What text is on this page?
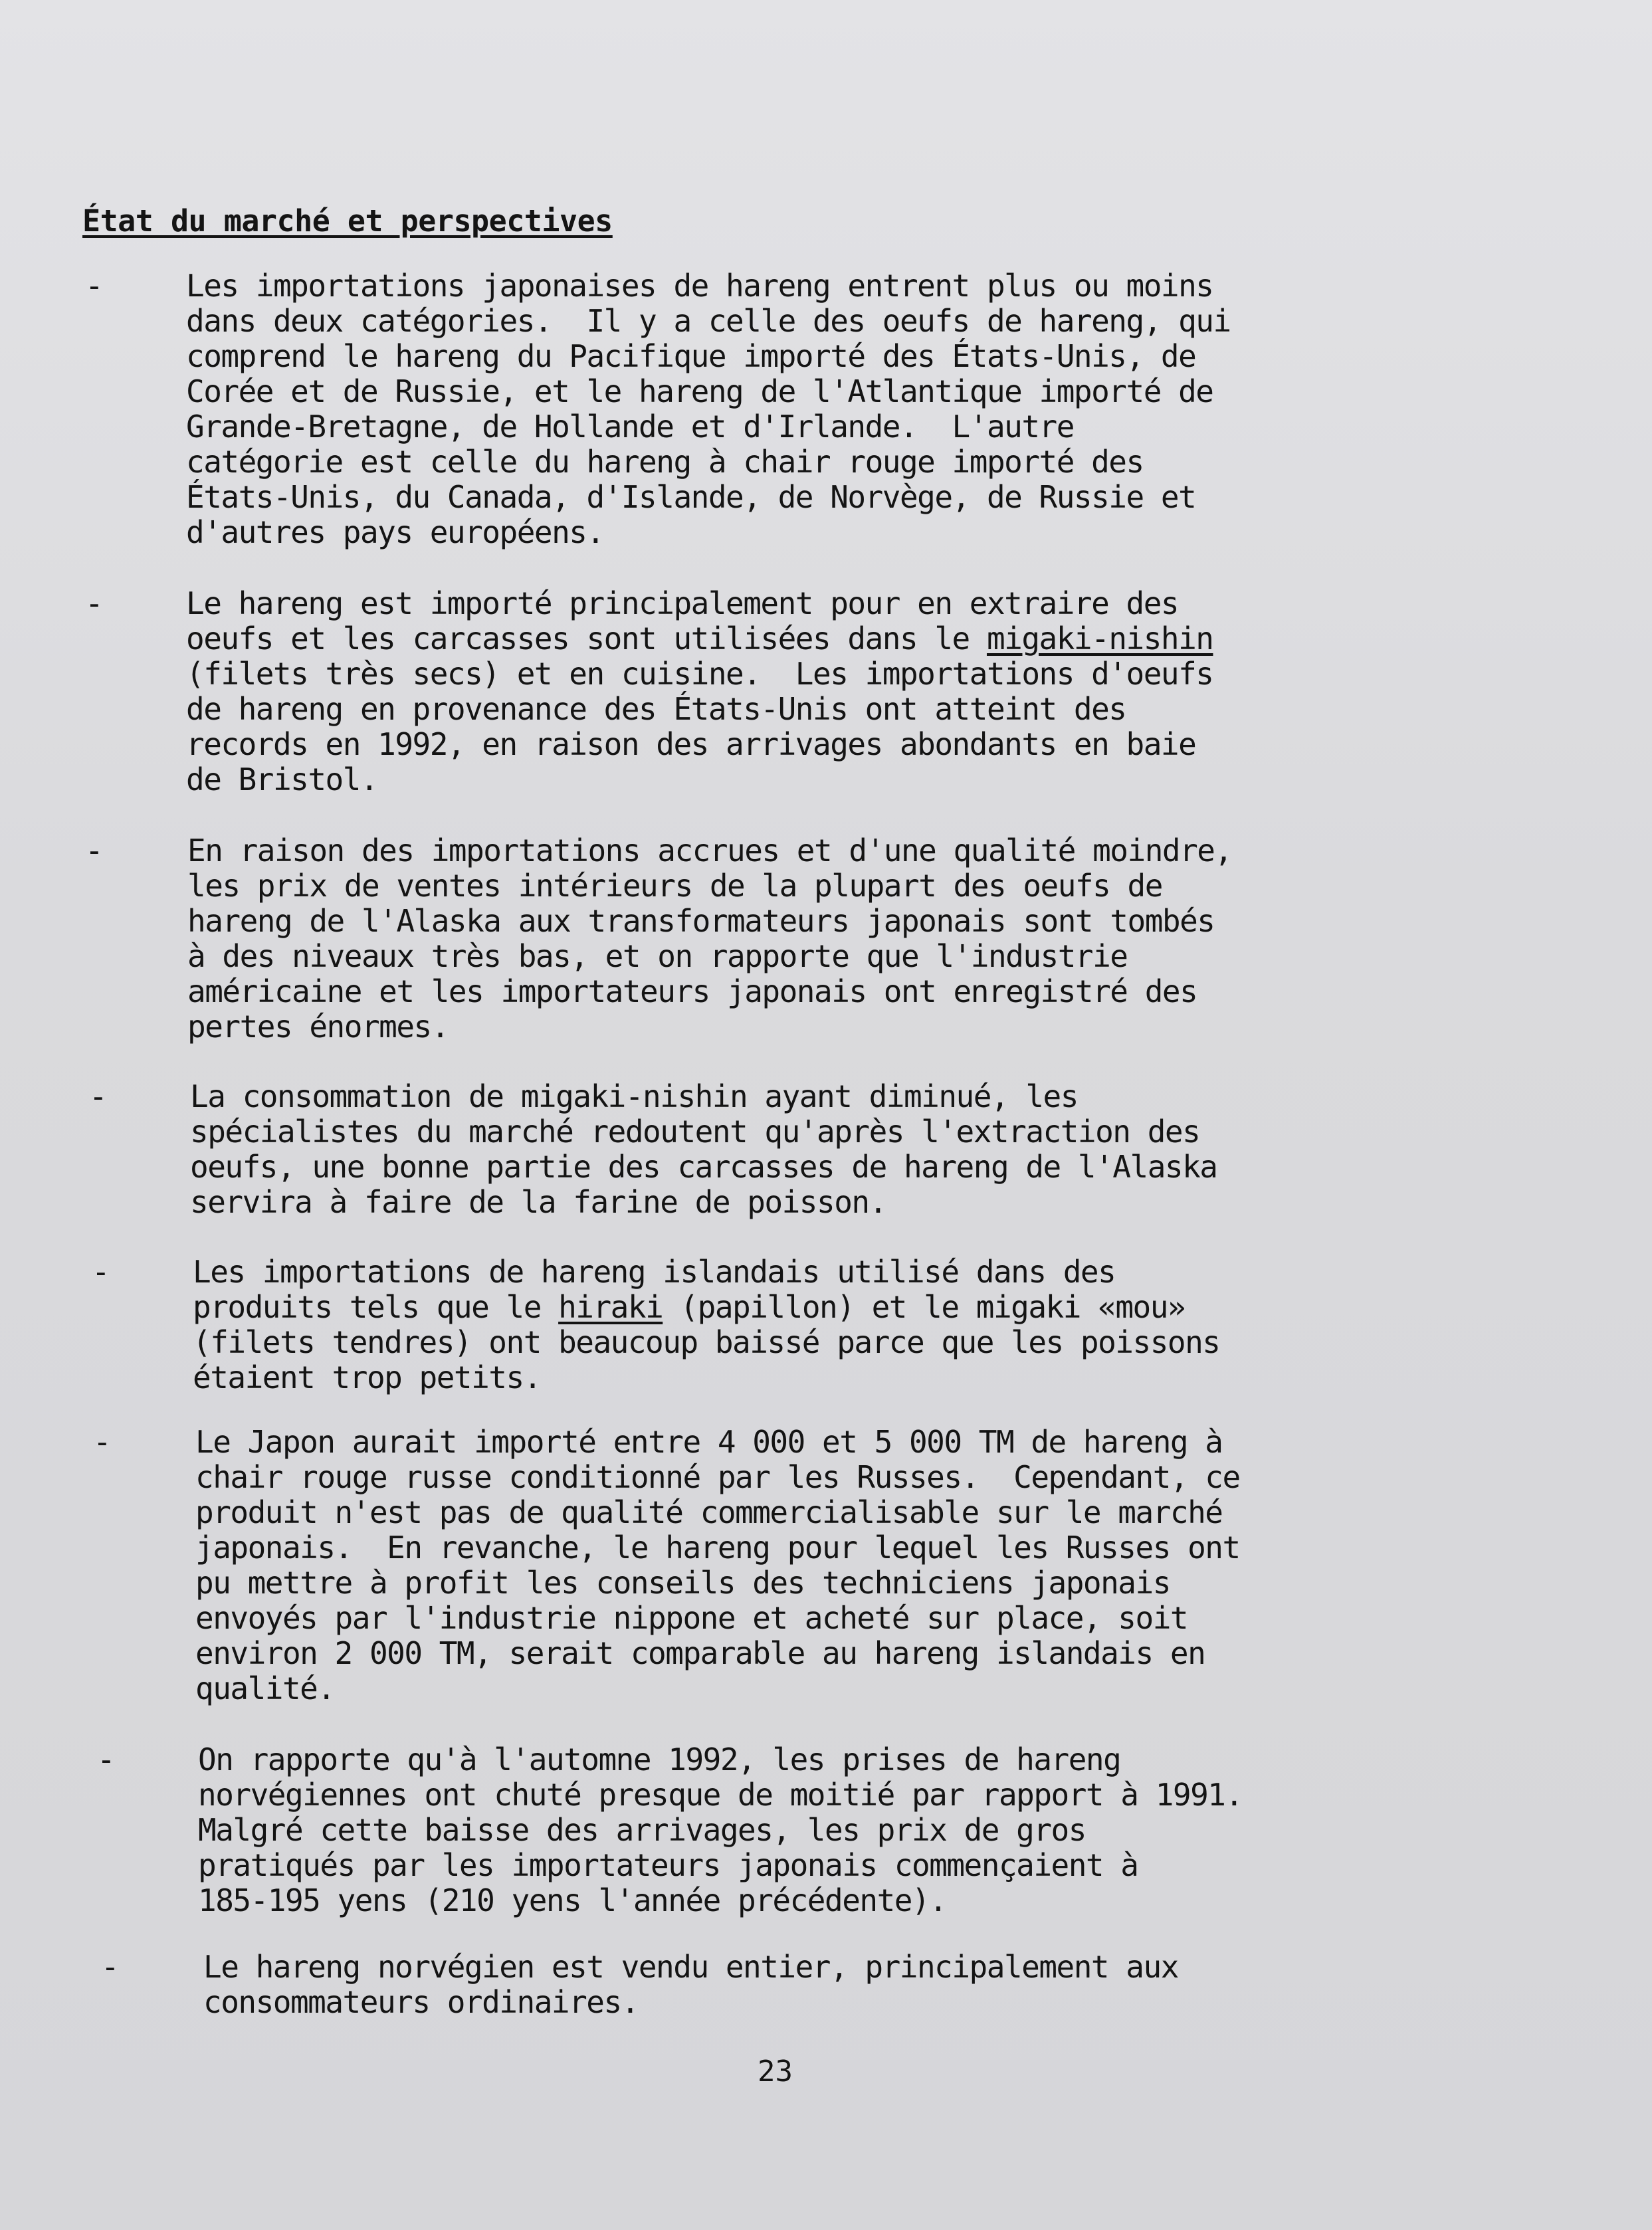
État du marché et perspectives
-	Les importations japonaises de hareng entrent plus ou moins
dans deux catégories.  Il y a celle des oeufs de hareng, qui
comprend le hareng du Pacifique importé des États-Unis, de
Corée et de Russie, et le hareng de l'Atlantique importé de
Grande-Bretagne, de Hollande et d'Irlande.  L'autre
catégorie est celle du hareng à chair rouge importé des
États-Unis, du Canada, d'Islande, de Norvège, de Russie et
d'autres pays européens.
-	Le hareng est importé principalement pour en extraire des
oeufs et les carcasses sont utilisées dans le migaki-nishin
(filets très secs) et en cuisine.  Les importations d'oeufs
de hareng en provenance des États-Unis ont atteint des
records en 1992, en raison des arrivages abondants en baie
de Bristol.
-	En raison des importations accrues et d'une qualité moindre,
les prix de ventes intérieurs de la plupart des oeufs de
hareng de l'Alaska aux transformateurs japonais sont tombés
à des niveaux très bas, et on rapporte que l'industrie
américaine et les importateurs japonais ont enregistré des
pertes énormes.
-	La consommation de migaki-nishin ayant diminué, les
spécialistes du marché redoutent qu'après l'extraction des
oeufs, une bonne partie des carcasses de hareng de l'Alaska
servira à faire de la farine de poisson.
-	Les importations de hareng islandais utilisé dans des
produits tels que le hiraki (papillon) et le migaki «mou»
(filets tendres) ont beaucoup baissé parce que les poissons
étaient trop petits.
-	Le Japon aurait importé entre 4 000 et 5 000 TM de hareng à
chair rouge russe conditionné par les Russes.  Cependant, ce
produit n'est pas de qualité commercialisable sur le marché
japonais.  En revanche, le hareng pour lequel les Russes ont
pu mettre à profit les conseils des techniciens japonais
envoyés par l'industrie nippone et acheté sur place, soit
environ 2 000 TM, serait comparable au hareng islandais en
qualité.
-	On rapporte qu'à l'automne 1992, les prises de hareng
norvégiennes ont chuté presque de moitié par rapport à 1991.
Malgré cette baisse des arrivages, les prix de gros
pratiqués par les importateurs japonais commençaient à
185-195 yens (210 yens l'année précédente).
-	Le hareng norvégien est vendu entier, principalement aux
consommateurs ordinaires.
23
